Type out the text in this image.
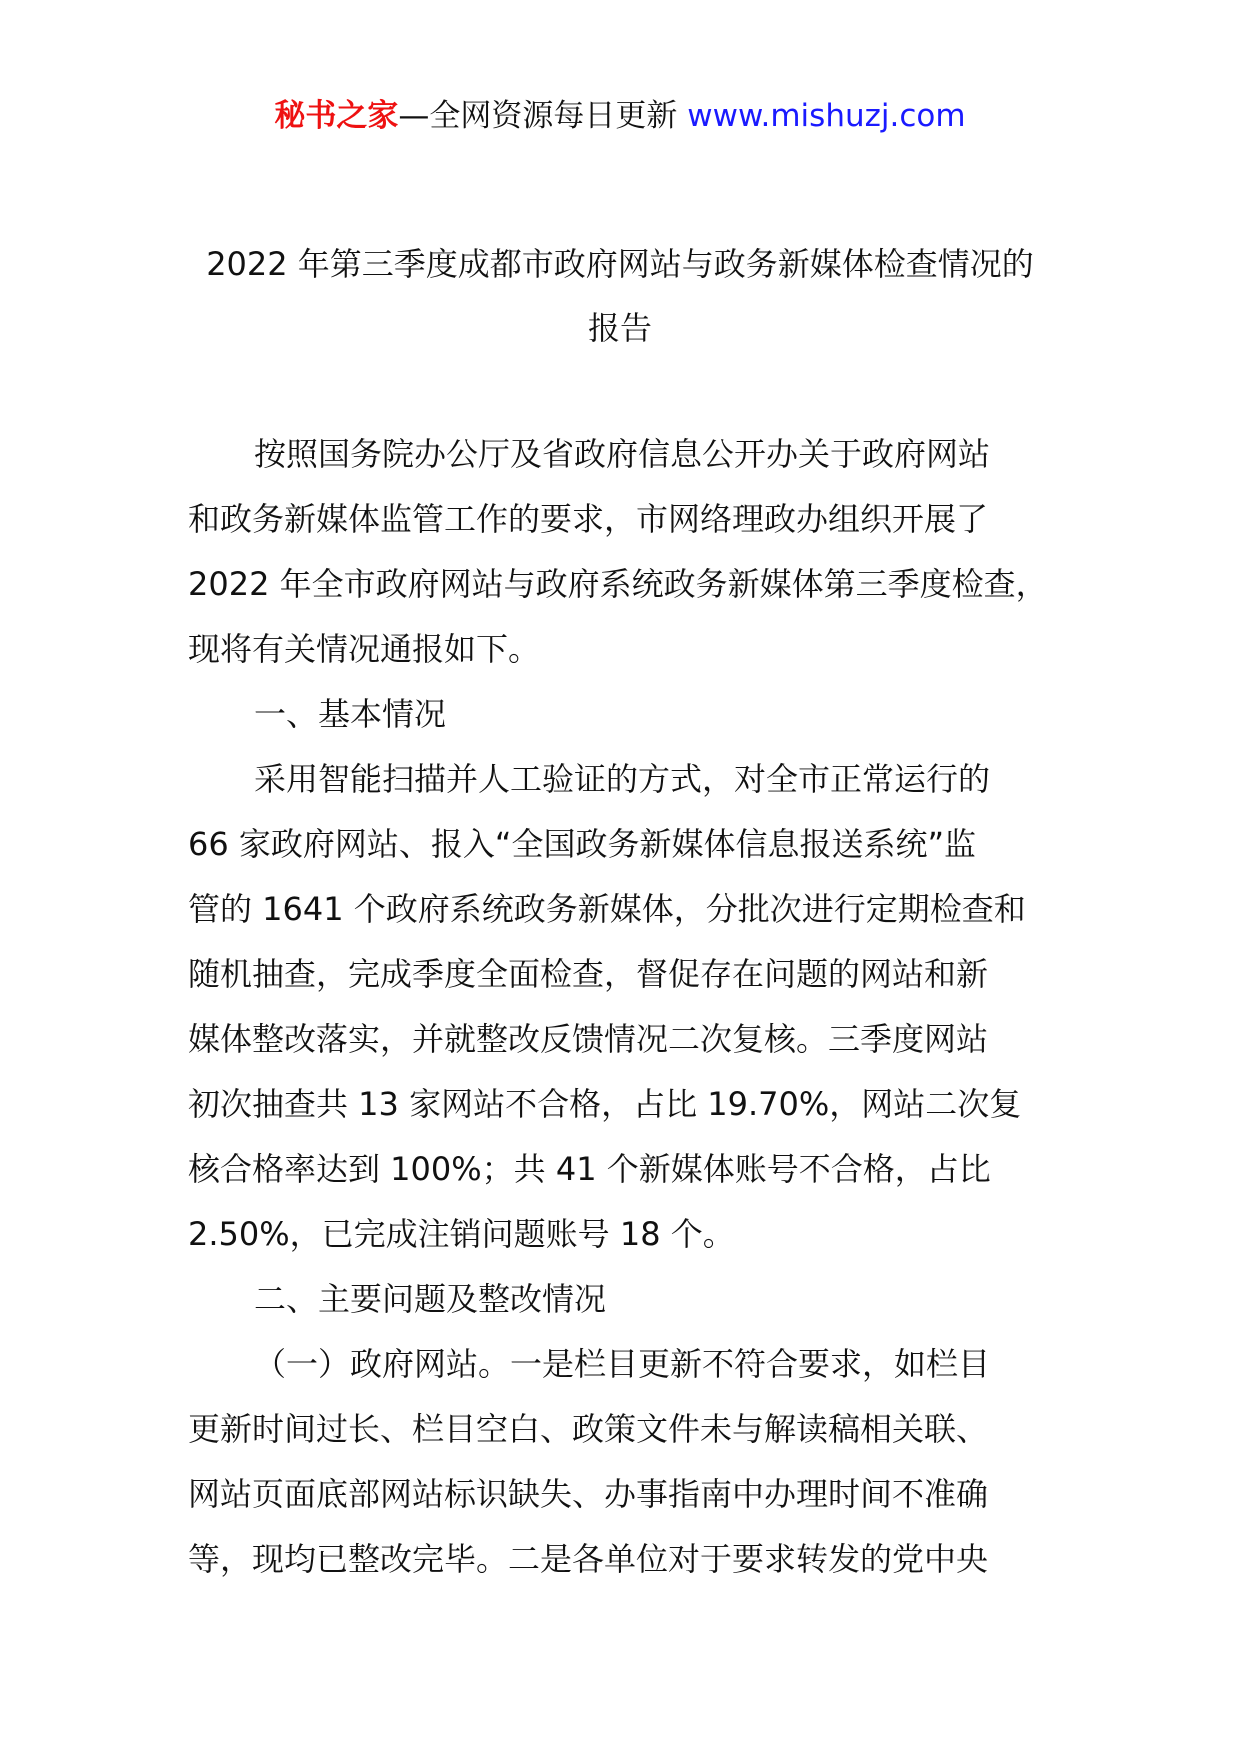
秘书之家—全网资源每日更新 www.mishuzj.com
2022 年第三季度成都市政府网站与政务新媒体检查情况的
报告
按照国务院办公厅及省政府信息公开办关于政府网站
和政务新媒体监管工作的要求，市网络理政办组织开展了
2022 年全市政府网站与政府系统政务新媒体第三季度检查，
现将有关情况通报如下。
一、基本情况
采用智能扫描并人工验证的方式，对全市正常运行的
66 家政府网站、报入“全国政务新媒体信息报送系统”监
管的 1641 个政府系统政务新媒体，分批次进行定期检查和
随机抽查，完成季度全面检查，督促存在问题的网站和新
媒体整改落实，并就整改反馈情况二次复核。三季度网站
初次抽查共 13 家网站不合格，占比 19.70%，网站二次复
核合格率达到 100%；共 41 个新媒体账号不合格，占比
2.50%，已完成注销问题账号 18 个。
二、主要问题及整改情况
（一）政府网站。一是栏目更新不符合要求，如栏目
更新时间过长、栏目空白、政策文件未与解读稿相关联、
网站页面底部网站标识缺失、办事指南中办理时间不准确
等，现均已整改完毕。二是各单位对于要求转发的党中央
